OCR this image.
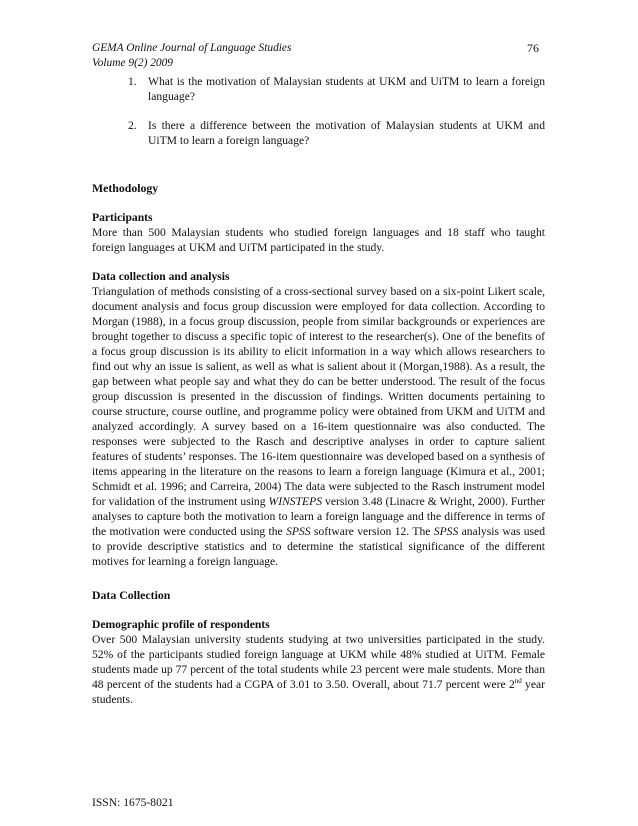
GEMA Online Journal of Language Studies
Volume 9(2) 2009
76
1. What is the motivation of Malaysian students at UKM and UiTM to learn a foreign language?
2. Is there a difference between the motivation of Malaysian students at UKM and UiTM to learn a foreign language?
Methodology
Participants

More than 500 Malaysian students who studied foreign languages and 18 staff who taught foreign languages at UKM and UiTM participated in the study.

Data collection and analysis

Triangulation of methods consisting of a cross-sectional survey based on a six-point Likert scale, document analysis and focus group discussion were employed for data collection. According to Morgan (1988), in a focus group discussion, people from similar backgrounds or experiences are brought together to discuss a specific topic of interest to the researcher(s). One of the benefits of a focus group discussion is its ability to elicit information in a way which allows researchers to find out why an issue is salient, as well as what is salient about it (Morgan,1988). As a result, the gap between what people say and what they do can be better understood. The result of the focus group discussion is presented in the discussion of findings. Written documents pertaining to course structure, course outline, and programme policy were obtained from UKM and UiTM and analyzed accordingly. A survey based on a 16-item questionnaire was also conducted. The responses were subjected to the Rasch and descriptive analyses in order to capture salient features of students’ responses. The 16-item questionnaire was developed based on a synthesis of items appearing in the literature on the reasons to learn a foreign language (Kimura et al., 2001; Schmidt et al. 1996; and Carreira, 2004) The data were subjected to the Rasch instrument model for validation of the instrument using WINSTEPS version 3.48 (Linacre & Wright, 2000). Further analyses to capture both the motivation to learn a foreign language and the difference in terms of the motivation were conducted using the SPSS software version 12. The SPSS analysis was used to provide descriptive statistics and to determine the statistical significance of the different motives for learning a foreign language.

Data Collection
Demographic profile of respondents

Over 500 Malaysian university students studying at two universities participated in the study. 52% of the participants studied foreign language at UKM while 48% studied at UiTM. Female students made up 77 percent of the total students while 23 percent were male students. More than 48 percent of the students had a CGPA of 3.01 to 3.50. Overall, about 71.7 percent were 2nd year students.

ISSN: 1675-8021
